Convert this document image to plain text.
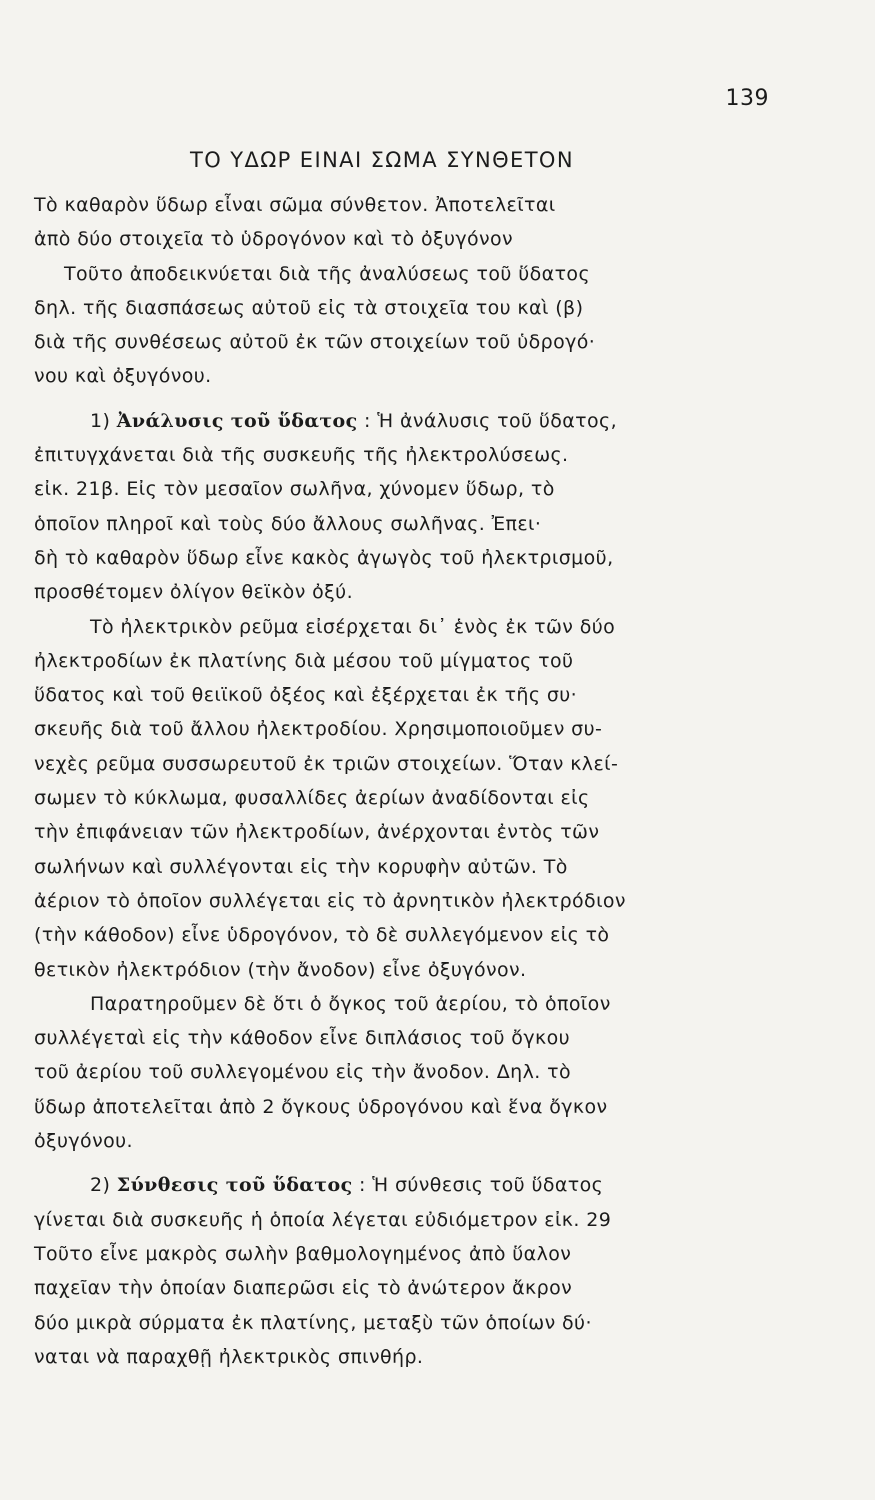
139
ΤΟ ΥΔΩΡ ΕΙΝΑΙ ΣΩΜΑ ΣΥΝΘΕΤΟΝ
Τὸ καθαρὸν ὕδωρ εἶναι σῶμα σύνθετον. Ἀποτελεῖται
ἀπὸ δύο στοιχεῖα τὸ ὑδρογόνον καὶ τὸ ὀξυγόνον
Τοῦτο ἀποδεικνύεται διὰ τῆς ἀναλύσεως τοῦ ὕδατος
δηλ. τῆς διασπάσεως αὐτοῦ εἰς τὰ στοιχεῖα του καὶ (β)
διὰ τῆς συνθέσεως αὐτοῦ ἐκ τῶν στοιχείων τοῦ ὑδρογό·
νου καὶ ὀξυγόνου.
1) Ἀνάλυσις τοῦ ὕδατος : Ἡ ἀνάλυσις τοῦ ὕδατος,
ἐπιτυγχάνεται διὰ τῆς συσκευῆς τῆς ἠλεκτρολύσεως.
εἰκ. 21β. Εἰς τὸν μεσαῖον σωλῆνα, χύνομεν ὕδωρ, τὸ
ὁποῖον πληροῖ καὶ τοὺς δύο ἄλλους σωλῆνας. Ἐπει·
δὴ τὸ καθαρὸν ὕδωρ εἶνε κακὸς ἀγωγὸς τοῦ ἠλεκτρισμοῦ,
προσθέτομεν ὀλίγον θεϊκὸν ὀξύ.
Τὸ ἠλεκτρικὸν ρεῦμα εἰσέρχεται δι᾽ ἑνὸς ἐκ τῶν δύο
ἠλεκτροδίων ἐκ πλατίνης διὰ μέσου τοῦ μίγματος τοῦ
ὕδατος καὶ τοῦ θειϊκοῦ ὀξέος καὶ ἐξέρχεται ἐκ τῆς συ·
σκευῆς διὰ τοῦ ἄλλου ἠλεκτροδίου. Χρησιμοποιοῦμεν συ-
νεχὲς ρεῦμα συσσωρευτοῦ ἐκ τριῶν στοιχείων. Ὅταν κλεί-
σωμεν τὸ κύκλωμα, φυσαλλίδες ἀερίων ἀναδίδονται εἰς
τὴν ἐπιφάνειαν τῶν ἠλεκτροδίων, ἀνέρχονται ἐντὸς τῶν
σωλήνων καὶ συλλέγονται εἰς τὴν κορυφὴν αὐτῶν. Τὸ
ἀέριον τὸ ὁποῖον συλλέγεται εἰς τὸ ἀρνητικὸν ἠλεκτρόδιον
(τὴν κάθοδον) εἶνε ὑδρογόνον, τὸ δὲ συλλεγόμενον εἰς τὸ
θετικὸν ἠλεκτρόδιον (τὴν ἄνοδον) εἶνε ὀξυγόνον.
Παρατηροῦμεν δὲ ὅτι ὁ ὄγκος τοῦ ἀερίου, τὸ ὁποῖον
συλλέγεταὶ εἰς τὴν κάθοδον εἶνε διπλάσιος τοῦ ὄγκου
τοῦ ἀερίου τοῦ συλλεγομένου εἰς τὴν ἄνοδον. Δηλ. τὸ
ὕδωρ ἀποτελεῖται ἀπὸ 2 ὄγκους ὑδρογόνου καὶ ἕνα ὄγκον
ὀξυγόνου.
2) Σύνθεσις τοῦ ὕδατος : Ἡ σύνθεσις τοῦ ὕδατος
γίνεται διὰ συσκευῆς ἡ ὁποία λέγεται εὐδιόμετρον εἰκ. 29
Τοῦτο εἶνε μακρὸς σωλὴν βαθμολογημένος ἀπὸ ὕαλον
παχεῖαν τὴν ὁποίαν διαπερῶσι εἰς τὸ ἀνώτερον ἄκρον
δύο μικρὰ σύρματα ἐκ πλατίνης, μεταξὺ τῶν ὁποίων δύ·
ναται νὰ παραχθῇ ἠλεκτρικὸς σπινθήρ.
